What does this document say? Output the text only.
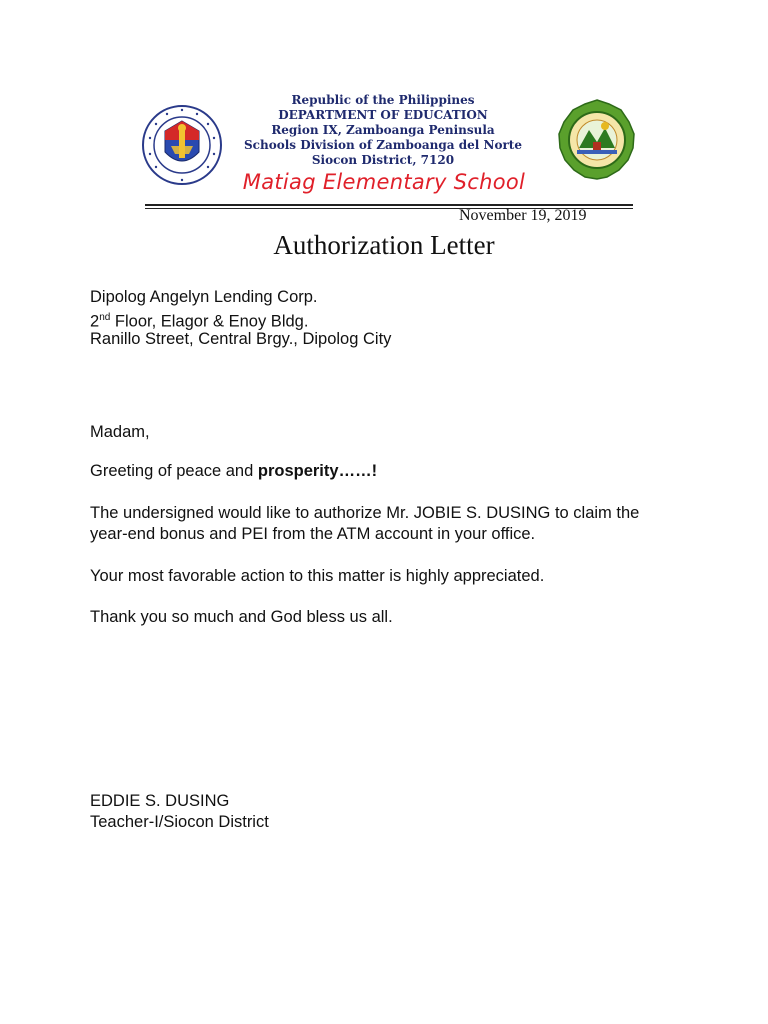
Republic of the Philippines
DEPARTMENT OF EDUCATION
Region IX, Zamboanga Peninsula
Schools Division of Zamboanga del Norte
Siocon District, 7120
Matiag Elementary School
November 19, 2019
Authorization Letter
Dipolog Angelyn Lending Corp.
2nd Floor, Elagor & Enoy Bldg.
Ranillo Street, Central Brgy., Dipolog City
Madam,
Greeting of peace and prosperity……!
The undersigned would like to authorize Mr. JOBIE S. DUSING to claim the
year-end bonus and PEI from the ATM account in your office.
Your most favorable action to this matter is highly appreciated.
Thank you so much and God bless us all.
EDDIE S. DUSING
Teacher-I/Siocon District
